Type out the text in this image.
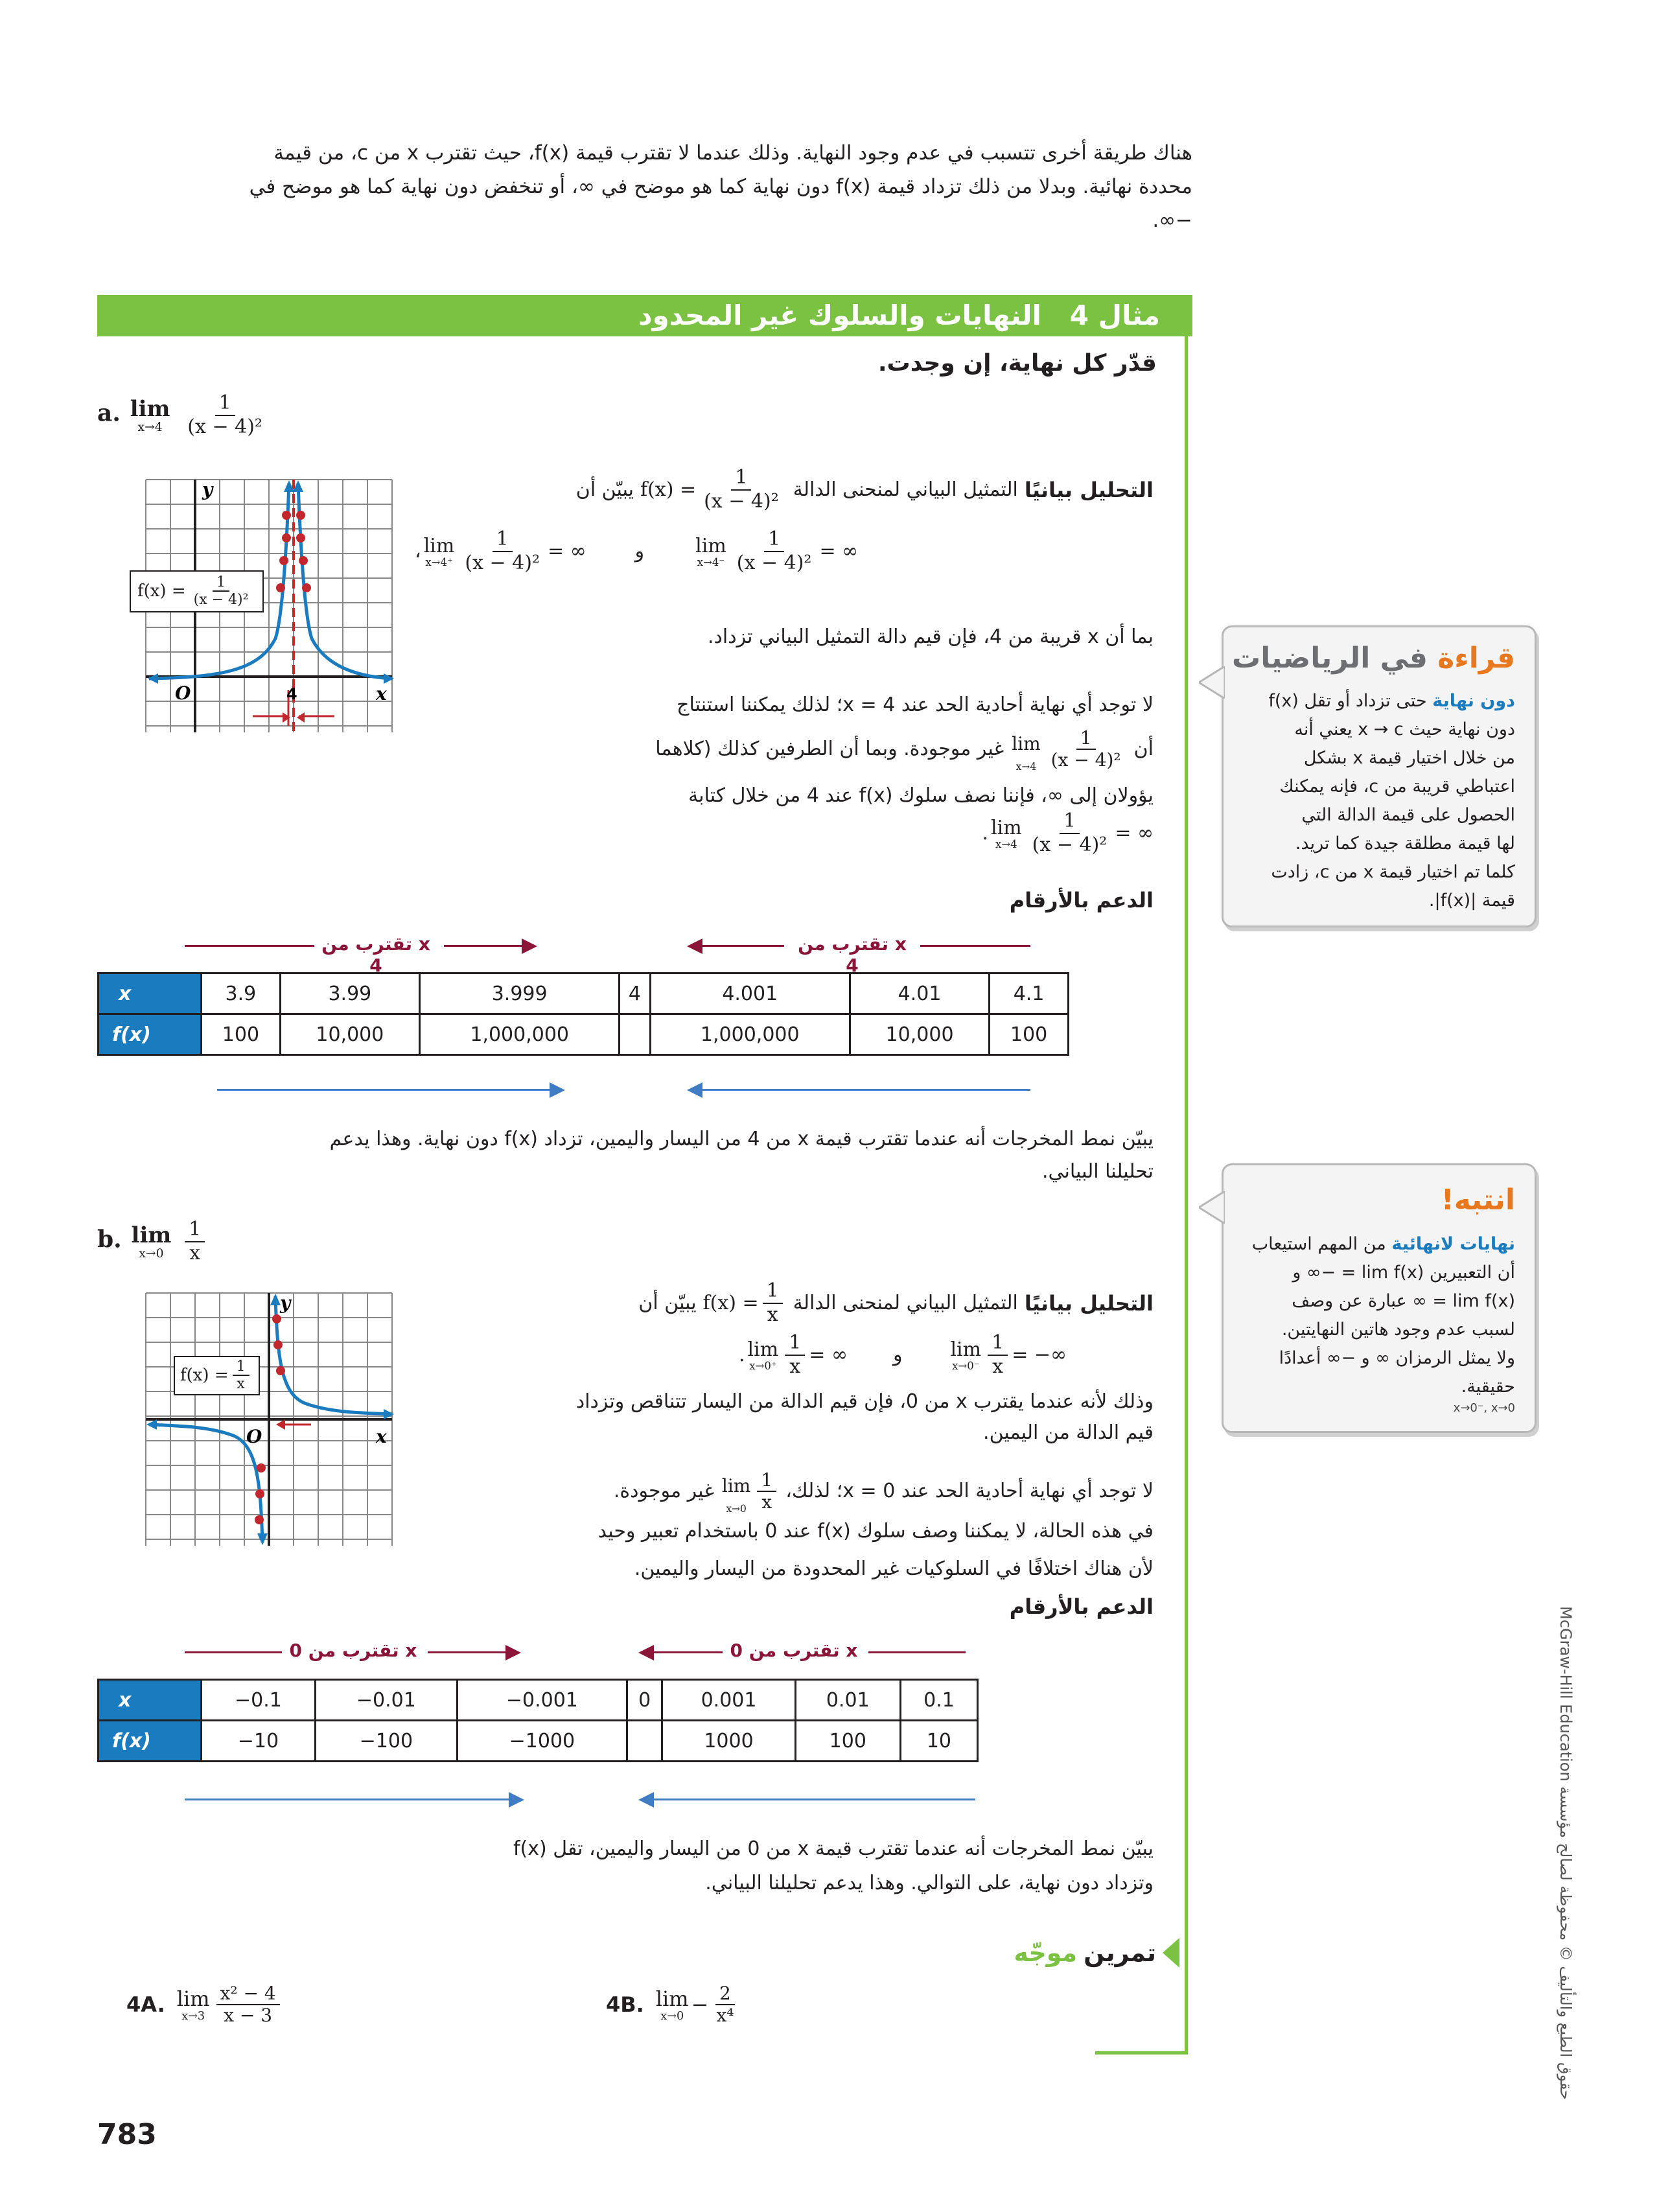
هناك طريقة أخرى تتسبب في عدم وجود النهاية. وذلك عندما لا تقترب قيمة f(x)، حيث تقترب x من c، من قيمة
محددة نهائية. وبدلا من ذلك تزداد قيمة f(x) دون نهاية كما هو موضح في ∞، أو تنخفض دون نهاية كما هو موضح في
−∞.
مثال 4   النهايات والسلوك غير المحدود
قدّر كل نهاية، إن وجدت.
a. lim
x→4
$\frac{1}{\text{(x − 4)²}}$
y
x
O	4
$f(x) = \frac{1}{\text{(x − 4)²}}$
التحليل بيانيًا
التمثيل البياني لمنحنى الدالة
$f(x) = \frac{1}{\text{(x − 4)²}}$
يبيّن أن
، lim
$x\to 4^+ \frac{1}{\text{(x − 4)²}}$ = ∞	و	lim
$x\to 4^- \frac{1}{\text{(x − 4)²}}$ = ∞
بما أن x قريبة من 4، فإن قيم دالة التمثيل البياني تزداد.
لا توجد أي نهاية أحادية الحد عند x = 4؛ لذلك يمكننا استنتاج
أن
lim
$x\to 4 \frac{1}{\text{(x − 4)²}}$
غير موجودة. وبما أن الطرفين كذلك (كلاهما
يؤولان إلى ∞، فإننا نصف سلوك f(x) عند 4 من خلال كتابة
. lim
$x\to 4 \frac{1}{\text{(x − 4)²}}$ = ∞
الدعم بالأرقام
x تقترب من 4
x تقترب من 4
x	3.9	3.99	3.999	4	4.001	4.01	4.1
f(x)	100	10,000	1,000,000		1,000,000	10,000	100
يبيّن نمط المخرجات أنه عندما تقترب قيمة x من 4 من اليسار واليمين، تزداد f(x) دون نهاية. وهذا يدعم
تحليلنا البياني.
b. lim
x→0
$\frac{1}{x}$
y
x
O
$f(x) = \frac{1}{x}$
التحليل بيانيًا
التمثيل البياني لمنحنى الدالة
$f(x) = \frac{1}{x}$
يبيّن أن
. lim
$x\to 0^+ \frac{1}{x}$ = ∞ و lim
$x\to 0^- \frac{1}{x}$ = −∞
وذلك لأنه عندما يقترب x من 0، فإن قيم الدالة من اليسار تتناقص وتزداد
قيم الدالة من اليمين.
لا توجد أي نهاية أحادية الحد عند x = 0؛ لذلك،
lim
$x\to 0 \frac{1}{x}$
غير موجودة.
في هذه الحالة، لا يمكننا وصف سلوك f(x) عند 0 باستخدام تعبير وحيد
لأن هناك اختلافًا في السلوكيات غير المحدودة من اليسار واليمين.
الدعم بالأرقام
x تقترب من 0	x تقترب من 0
x	−0.1	−0.01	−0.001	0	0.001	0.01	0.1
f(x)	−10	−100	−1000		1000	100	10
يبيّن نمط المخرجات أنه عندما تقترب قيمة x من 0 من اليسار واليمين، تقل f(x)
وتزداد دون نهاية، على التوالي. وهذا يدعم تحليلنا البياني.
تمرين
موجّه
4A. lim
$x\to 3 \frac{\text{x² − 4}}{x - 3}$	4B. lim
$x\to 0 - \frac{2}{\text{x⁴}}$
قراءة في الرياضيات
دون نهاية حتى تزداد أو تقل f(x)
دون نهاية حيث x → c يعني أنه
من خلال اختيار قيمة x بشكل
اعتباطي قريبة من c، فإنه يمكنك
الحصول على قيمة الدالة التي
لها قيمة مطلقة جيدة كما تريد.
كلما تم اختيار قيمة x من c، زادت
قيمة |f(x)|.
انتبه!
نهايات لانهائية من المهم استيعاب
أن التعبيرين lim f(x) = −∞ و
lim f(x) = ∞ عبارة عن وصف
لسبب عدم وجود هاتين النهايتين.
ولا يمثل الرمزان ∞ و −∞ أعدادًا
حقيقية.
x→0⁻, x→0
حقوق الطبع والتأليف © محفوظة لصالح مؤسسة McGraw-Hill Education
783
